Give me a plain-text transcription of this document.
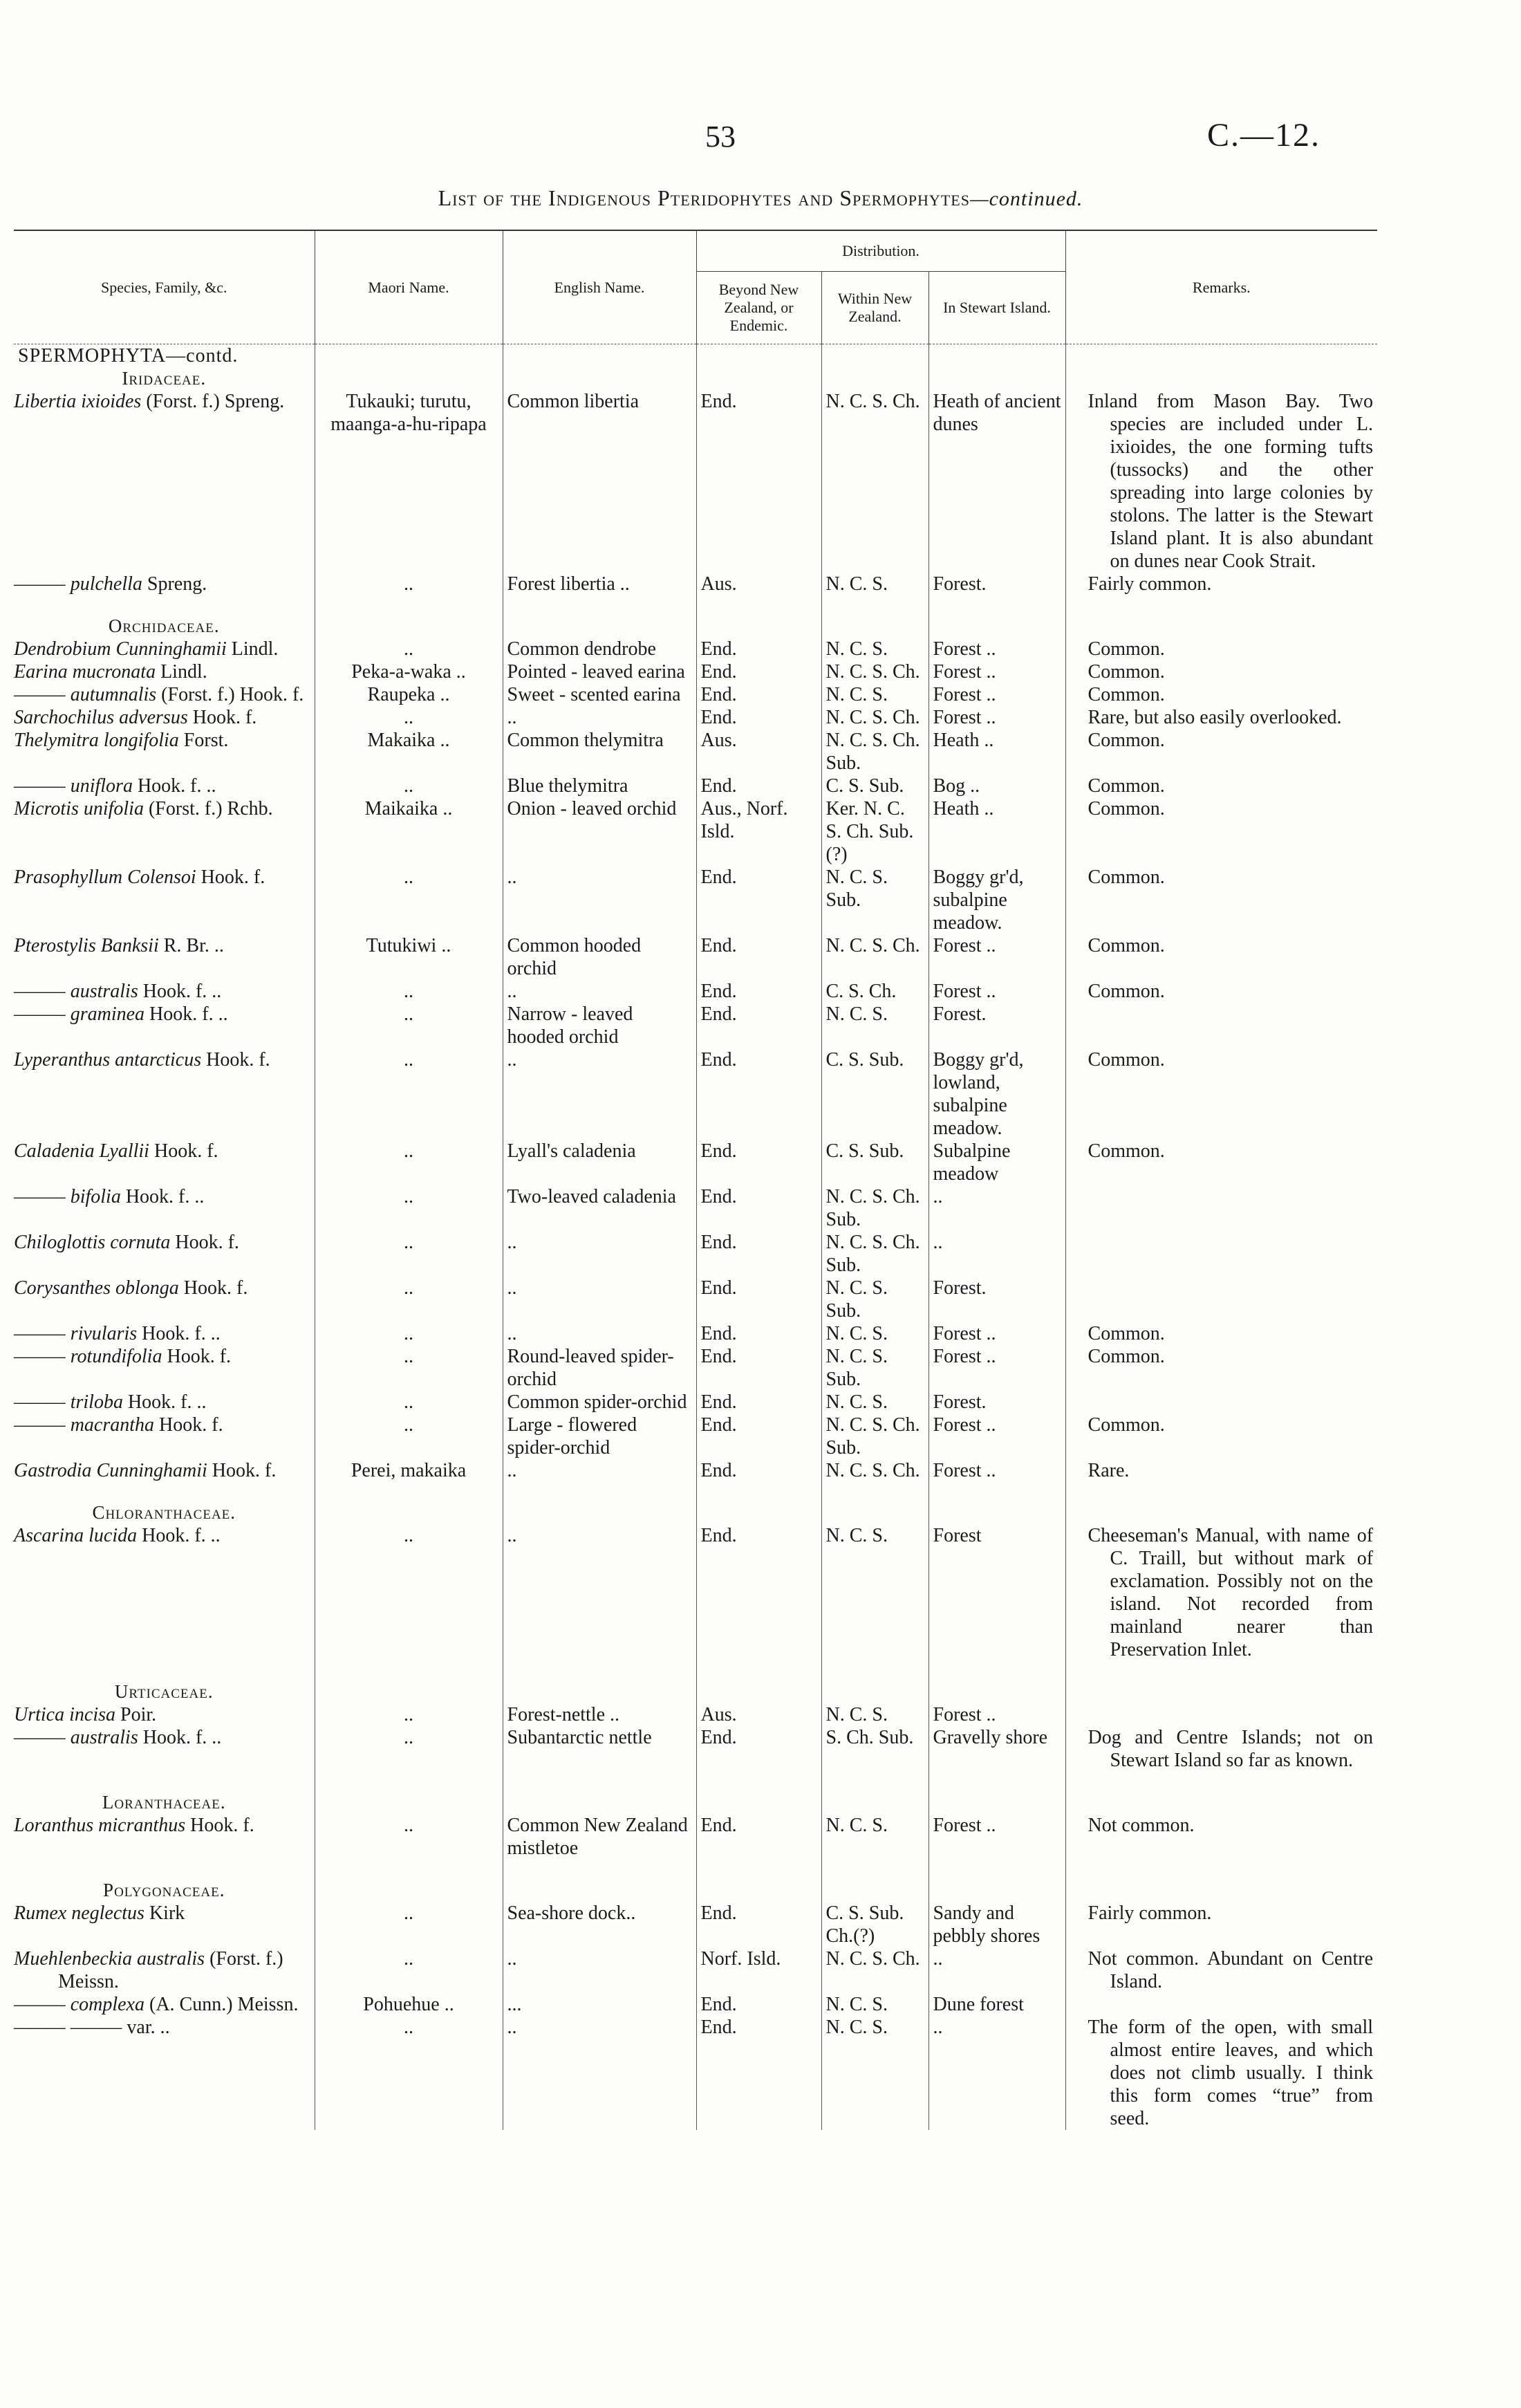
53	C.—12.
List of the Indigenous Pteridophytes and Spermophytes—continued.
Species, Family, &c.	Maori Name.	English Name.	Distribution.			Remarks.
			Beyond New Zealand, or Endemic.	Within New Zealand.	In Stewart Island.	
SPERMOPHYTA—contd.						
Iridaceae.						
Libertia ixioides (Forst. f.) Spreng.	Tukauki; turutu, maanga-a-hu-ripapa	Common libertia	End.	N. C. S. Ch.	Heath of ancient dunes	Inland from Mason Bay. Two species are included under L. ixioides, the one forming tufts (tussocks) and the other spreading into large colonies by stolons. The latter is the Stewart Island plant. It is also abundant on dunes near Cook Strait.
——— pulchella Spreng.	..	Forest libertia ..	Aus.	N. C. S.	Forest.	Fairly common.

Orchidaceae.						
Dendrobium Cunninghamii Lindl.	..	Common dendrobe	End.	N. C. S.	Forest ..	Common.
Earina mucronata Lindl.	Peka-a-waka ..	Pointed - leaved earina	End.	N. C. S. Ch.	Forest ..	Common.
——— autumnalis (Forst. f.) Hook. f.	Raupeka ..	Sweet - scented earina	End.	N. C. S.	Forest ..	Common.
Sarchochilus adversus Hook. f.	..	..	End.	N. C. S. Ch.	Forest ..	Rare, but also easily overlooked.
Thelymitra longifolia Forst.	Makaika ..	Common thelymitra	Aus.	N. C. S. Ch. Sub.	Heath ..	Common.
——— uniflora Hook. f. ..	..	Blue thelymitra	End.	C. S. Sub.	Bog ..	Common.
Microtis unifolia (Forst. f.) Rchb.	Maikaika ..	Onion - leaved orchid	Aus., Norf. Isld.	Ker. N. C. S. Ch. Sub.(?)	Heath ..	Common.
Prasophyllum Colensoi Hook. f.	..	..	End.	N. C. S. Sub.	Boggy gr'd, subalpine meadow.	Common.
Pterostylis Banksii R. Br. ..	Tutukiwi ..	Common hooded orchid	End.	N. C. S. Ch.	Forest ..	Common.
——— australis Hook. f. ..	..	..	End.	C. S. Ch.	Forest ..	Common.
——— graminea Hook. f. ..	..	Narrow - leaved hooded orchid	End.	N. C. S.	Forest.	
Lyperanthus antarcticus Hook. f.	..	..	End.	C. S. Sub.	Boggy gr'd, lowland, subalpine meadow.	Common.
Caladenia Lyallii Hook. f.	..	Lyall's caladenia	End.	C. S. Sub.	Subalpine meadow	Common.
——— bifolia Hook. f. ..	..	Two-leaved caladenia	End.	N. C. S. Ch. Sub.	..	
Chiloglottis cornuta Hook. f.	..	..	End.	N. C. S. Ch. Sub.	..	
Corysanthes oblonga Hook. f.	..	..	End.	N. C. S. Sub.	Forest.	
——— rivularis Hook. f. ..	..	..	End.	N. C. S.	Forest ..	Common.
——— rotundifolia Hook. f.	..	Round-leaved spider-orchid	End.	N. C. S. Sub.	Forest ..	Common.
——— triloba Hook. f. ..	..	Common spider-orchid	End.	N. C. S.	Forest.	
——— macrantha Hook. f.	..	Large - flowered spider-orchid	End.	N. C. S. Ch. Sub.	Forest ..	Common.
Gastrodia Cunninghamii Hook. f.	Perei, makaika	..	End.	N. C. S. Ch.	Forest ..	Rare.

Chloranthaceae.						
Ascarina lucida Hook. f. ..	..	..	End.	N. C. S.	Forest	Cheeseman's Manual, with name of C. Traill, but without mark of exclamation. Possibly not on the island. Not recorded from mainland nearer than Preservation Inlet.

Urticaceae.						
Urtica incisa Poir.	..	Forest-nettle ..	Aus.	N. C. S.	Forest ..	
——— australis Hook. f. ..	..	Subantarctic nettle	End.	S. Ch. Sub.	Gravelly shore	Dog and Centre Islands; not on Stewart Island so far as known.

Loranthaceae.						
Loranthus micranthus Hook. f.	..	Common New Zealand mistletoe	End.	N. C. S.	Forest ..	Not common.

Polygonaceae.						
Rumex neglectus Kirk	..	Sea-shore dock..	End.	C. S. Sub. Ch.(?)	Sandy and pebbly shores	Fairly common.
Muehlenbeckia australis (Forst. f.) Meissn.	..	..	Norf. Isld.	N. C. S. Ch.	..	Not common. Abundant on Centre Island.
——— complexa (A. Cunn.) Meissn.	Pohuehue ..	...	End.	N. C. S.	Dune forest	
——— ——— var. ..	..	..	End.	N. C. S.	..	The form of the open, with small almost entire leaves, and which does not climb usually. I think this form comes “true” from seed.
